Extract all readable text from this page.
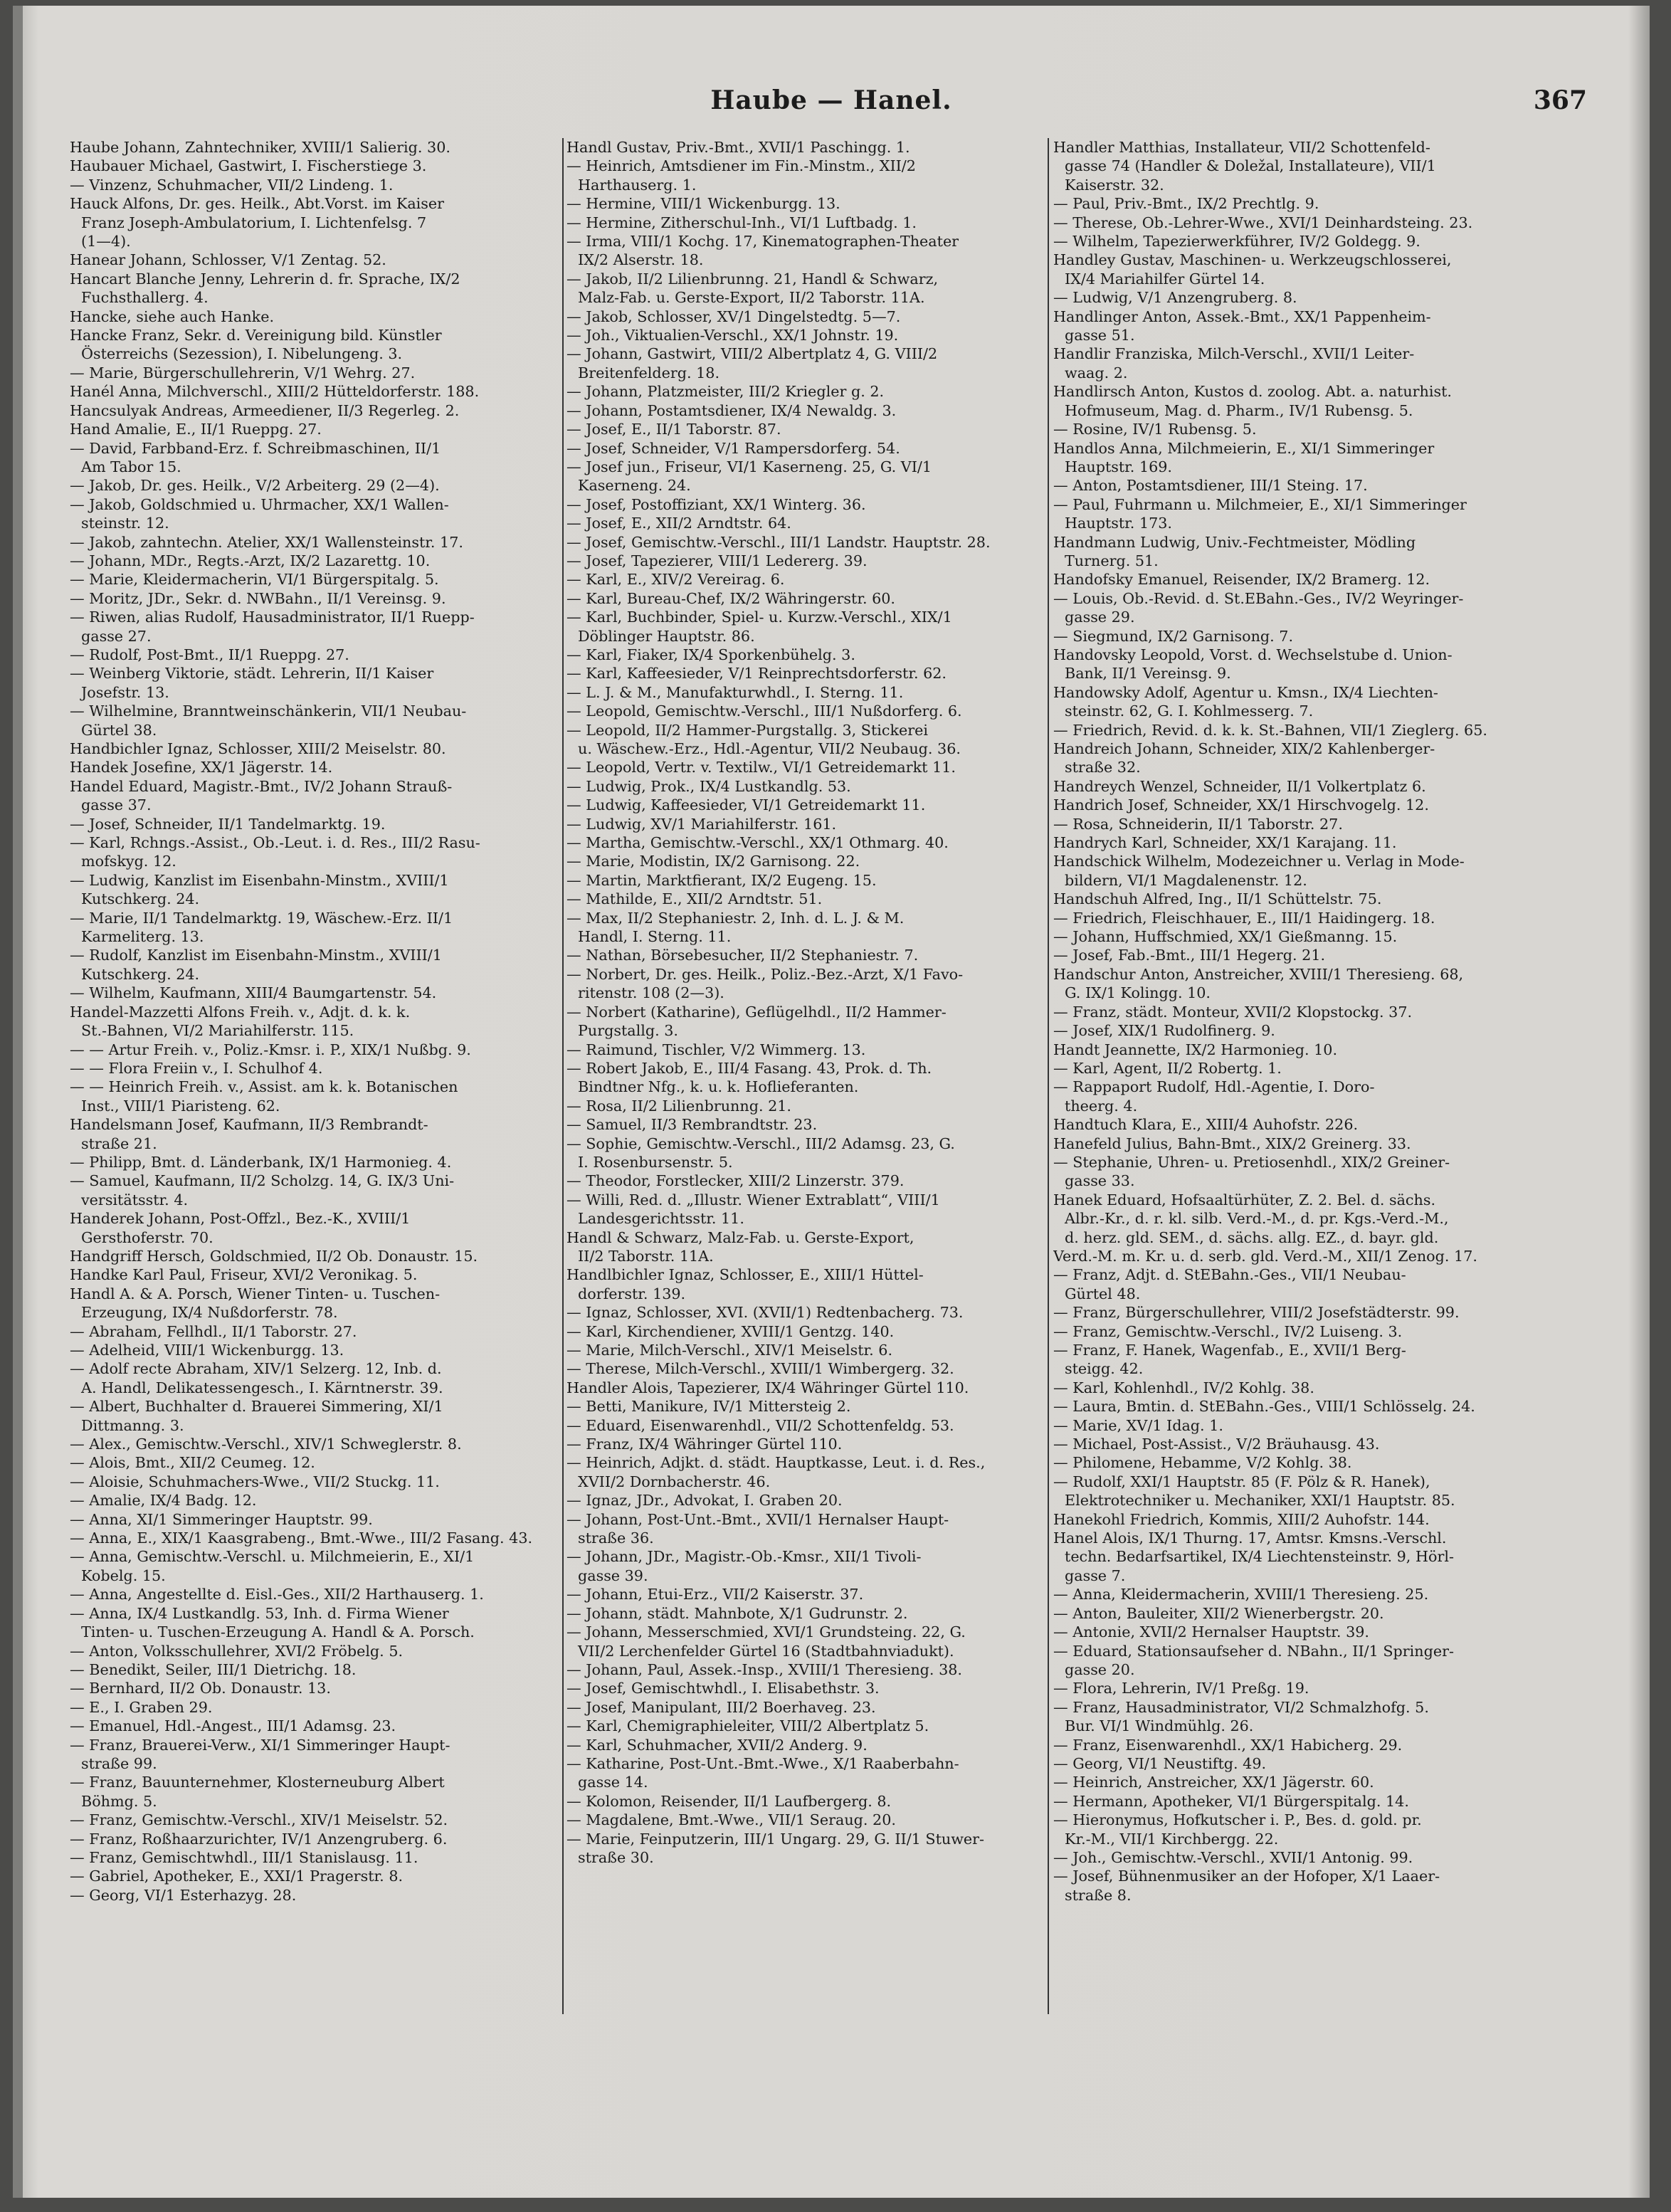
Haube — Hanel.	367

Haube Johann, Zahntechniker, XVIII/1 Salierig. 30.

Haubauer Michael, Gastwirt, I. Fischerstiege 3.

— Vinzenz, Schuhmacher, VII/2 Lindeng. 1.

Hauck Alfons, Dr. ges. Heilk., Abt.Vorst. im Kaiser

Franz Joseph-Ambulatorium, I. Lichtenfelsg. 7

(1—4).

Hanear Johann, Schlosser, V/1 Zentag. 52.

Hancart Blanche Jenny, Lehrerin d. fr. Sprache, IX/2

Fuchsthallerg. 4.

Hancke, siehe auch Hanke.

Hancke Franz, Sekr. d. Vereinigung bild. Künstler

Österreichs (Sezession), I. Nibelungeng. 3.

— Marie, Bürgerschullehrerin, V/1 Wehrg. 27.

Hanél Anna, Milchverschl., XIII/2 Hütteldorferstr. 188.

Hancsulyak Andreas, Armeediener, II/3 Regerleg. 2.

Hand Amalie, E., II/1 Rueppg. 27.

— David, Farbband-Erz. f. Schreibmaschinen, II/1

Am Tabor 15.

— Jakob, Dr. ges. Heilk., V/2 Arbeiterg. 29 (2—4).

— Jakob, Goldschmied u. Uhrmacher, XX/1 Wallen-

steinstr. 12.

— Jakob, zahntechn. Atelier, XX/1 Wallensteinstr. 17.

— Johann, MDr., Regts.-Arzt, IX/2 Lazarettg. 10.

— Marie, Kleidermacherin, VI/1 Bürgerspitalg. 5.

— Moritz, JDr., Sekr. d. NWBahn., II/1 Vereinsg. 9.

— Riwen, alias Rudolf, Hausadministrator, II/1 Ruepp-

gasse 27.

— Rudolf, Post-Bmt., II/1 Rueppg. 27.

— Weinberg Viktorie, städt. Lehrerin, II/1 Kaiser

Josefstr. 13.

— Wilhelmine, Branntweinschänkerin, VII/1 Neubau-

Gürtel 38.

Handbichler Ignaz, Schlosser, XIII/2 Meiselstr. 80.

Handek Josefine, XX/1 Jägerstr. 14.

Handel Eduard, Magistr.-Bmt., IV/2 Johann Strauß-

gasse 37.

— Josef, Schneider, II/1 Tandelmarktg. 19.

— Karl, Rchngs.-Assist., Ob.-Leut. i. d. Res., III/2 Rasu-

mofskyg. 12.

— Ludwig, Kanzlist im Eisenbahn-Minstm., XVIII/1

Kutschkerg. 24.

— Marie, II/1 Tandelmarktg. 19, Wäschew.-Erz. II/1

Karmeliterg. 13.

— Rudolf, Kanzlist im Eisenbahn-Minstm., XVIII/1

Kutschkerg. 24.

— Wilhelm, Kaufmann, XIII/4 Baumgartenstr. 54.

Handel-Mazzetti Alfons Freih. v., Adjt. d. k. k.

St.-Bahnen, VI/2 Mariahilferstr. 115.

— — Artur Freih. v., Poliz.-Kmsr. i. P., XIX/1 Nußbg. 9.

— — Flora Freiin v., I. Schulhof 4.

— — Heinrich Freih. v., Assist. am k. k. Botanischen

Inst., VIII/1 Piaristeng. 62.

Handelsmann Josef, Kaufmann, II/3 Rembrandt-

straße 21.

— Philipp, Bmt. d. Länderbank, IX/1 Harmonieg. 4.

— Samuel, Kaufmann, II/2 Scholzg. 14, G. IX/3 Uni-

versitätsstr. 4.

Handerek Johann, Post-Offzl., Bez.-K., XVIII/1

Gersthoferstr. 70.

Handgriff Hersch, Goldschmied, II/2 Ob. Donaustr. 15.

Handke Karl Paul, Friseur, XVI/2 Veronikag. 5.

Handl A. & A. Porsch, Wiener Tinten- u. Tuschen-

Erzeugung, IX/4 Nußdorferstr. 78.

— Abraham, Fellhdl., II/1 Taborstr. 27.

— Adelheid, VIII/1 Wickenburgg. 13.

— Adolf recte Abraham, XIV/1 Selzerg. 12, Inb. d.

A. Handl, Delikatessengesch., I. Kärntnerstr. 39.

— Albert, Buchhalter d. Brauerei Simmering, XI/1

Dittmanng. 3.

— Alex., Gemischtw.-Verschl., XIV/1 Schweglerstr. 8.

— Alois, Bmt., XII/2 Ceumeg. 12.

— Aloisie, Schuhmachers-Wwe., VII/2 Stuckg. 11.

— Amalie, IX/4 Badg. 12.

— Anna, XI/1 Simmeringer Hauptstr. 99.

— Anna, E., XIX/1 Kaasgrabeng., Bmt.-Wwe., III/2 Fasang. 43.

— Anna, Gemischtw.-Verschl. u. Milchmeierin, E., XI/1

Kobelg. 15.

— Anna, Angestellte d. Eisl.-Ges., XII/2 Harthauserg. 1.

— Anna, IX/4 Lustkandlg. 53, Inh. d. Firma Wiener

Tinten- u. Tuschen-Erzeugung A. Handl & A. Porsch.

— Anton, Volksschullehrer, XVI/2 Fröbelg. 5.

— Benedikt, Seiler, III/1 Dietrichg. 18.

— Bernhard, II/2 Ob. Donaustr. 13.

— E., I. Graben 29.

— Emanuel, Hdl.-Angest., III/1 Adamsg. 23.

— Franz, Brauerei-Verw., XI/1 Simmeringer Haupt-

straße 99.

— Franz, Bauunternehmer, Klosterneuburg Albert

Böhmg. 5.

— Franz, Gemischtw.-Verschl., XIV/1 Meiselstr. 52.

— Franz, Roßhaarzurichter, IV/1 Anzengruberg. 6.

— Franz, Gemischtwhdl., III/1 Stanislausg. 11.

— Gabriel, Apotheker, E., XXI/1 Pragerstr. 8.

— Georg, VI/1 Esterhazyg. 28.

Handl Gustav, Priv.-Bmt., XVII/1 Paschingg. 1.

— Heinrich, Amtsdiener im Fin.-Minstm., XII/2

Harthauserg. 1.

— Hermine, VIII/1 Wickenburgg. 13.

— Hermine, Zitherschul-Inh., VI/1 Luftbadg. 1.

— Irma, VIII/1 Kochg. 17, Kinematographen-Theater

IX/2 Alserstr. 18.

— Jakob, II/2 Lilienbrunng. 21, Handl & Schwarz,

Malz-Fab. u. Gerste-Export, II/2 Taborstr. 11A.

— Jakob, Schlosser, XV/1 Dingelstedtg. 5—7.

— Joh., Viktualien-Verschl., XX/1 Johnstr. 19.

— Johann, Gastwirt, VIII/2 Albertplatz 4, G. VIII/2

Breitenfelderg. 18.

— Johann, Platzmeister, III/2 Kriegler g. 2.

— Johann, Postamtsdiener, IX/4 Newaldg. 3.

— Josef, E., II/1 Taborstr. 87.

— Josef, Schneider, V/1 Rampersdorferg. 54.

— Josef jun., Friseur, VI/1 Kaserneng. 25, G. VI/1

Kaserneng. 24.

— Josef, Postoffiziant, XX/1 Winterg. 36.

— Josef, E., XII/2 Arndtstr. 64.

— Josef, Gemischtw.-Verschl., III/1 Landstr. Hauptstr. 28.

— Josef, Tapezierer, VIII/1 Ledererg. 39.

— Karl, E., XIV/2 Vereirag. 6.

— Karl, Bureau-Chef, IX/2 Währingerstr. 60.

— Karl, Buchbinder, Spiel- u. Kurzw.-Verschl., XIX/1

Döblinger Hauptstr. 86.

— Karl, Fiaker, IX/4 Sporkenbühelg. 3.

— Karl, Kaffeesieder, V/1 Reinprechtsdorferstr. 62.

— L. J. & M., Manufakturwhdl., I. Sterng. 11.

— Leopold, Gemischtw.-Verschl., III/1 Nußdorferg. 6.

— Leopold, II/2 Hammer-Purgstallg. 3, Stickerei

u. Wäschew.-Erz., Hdl.-Agentur, VII/2 Neubaug. 36.

— Leopold, Vertr. v. Textilw., VI/1 Getreidemarkt 11.

— Ludwig, Prok., IX/4 Lustkandlg. 53.

— Ludwig, Kaffeesieder, VI/1 Getreidemarkt 11.

— Ludwig, XV/1 Mariahilferstr. 161.

— Martha, Gemischtw.-Verschl., XX/1 Othmarg. 40.

— Marie, Modistin, IX/2 Garnisong. 22.

— Martin, Marktfierant, IX/2 Eugeng. 15.

— Mathilde, E., XII/2 Arndtstr. 51.

— Max, II/2 Stephaniestr. 2, Inh. d. L. J. & M.

Handl, I. Sterng. 11.

— Nathan, Börsebesucher, II/2 Stephaniestr. 7.

— Norbert, Dr. ges. Heilk., Poliz.-Bez.-Arzt, X/1 Favo-

ritenstr. 108 (2—3).

— Norbert (Katharine), Geflügelhdl., II/2 Hammer-

Purgstallg. 3.

— Raimund, Tischler, V/2 Wimmerg. 13.

— Robert Jakob, E., III/4 Fasang. 43, Prok. d. Th.

Bindtner Nfg., k. u. k. Hoflieferanten.

— Rosa, II/2 Lilienbrunng. 21.

— Samuel, II/3 Rembrandtstr. 23.

— Sophie, Gemischtw.-Verschl., III/2 Adamsg. 23, G.

I. Rosenbursenstr. 5.

— Theodor, Forstlecker, XIII/2 Linzerstr. 379.

— Willi, Red. d. „Illustr. Wiener Extrablatt“, VIII/1

Landesgerichtsstr. 11.

Handl & Schwarz, Malz-Fab. u. Gerste-Export,

II/2 Taborstr. 11A.

Handlbichler Ignaz, Schlosser, E., XIII/1 Hüttel-

dorferstr. 139.

— Ignaz, Schlosser, XVI. (XVII/1) Redtenbacherg. 73.

— Karl, Kirchendiener, XVIII/1 Gentzg. 140.

— Marie, Milch-Verschl., XIV/1 Meiselstr. 6.

— Therese, Milch-Verschl., XVIII/1 Wimbergerg. 32.

Handler Alois, Tapezierer, IX/4 Währinger Gürtel 110.

— Betti, Manikure, IV/1 Mittersteig 2.

— Eduard, Eisenwarenhdl., VII/2 Schottenfeldg. 53.

— Franz, IX/4 Währinger Gürtel 110.

— Heinrich, Adjkt. d. städt. Hauptkasse, Leut. i. d. Res.,

XVII/2 Dornbacherstr. 46.

— Ignaz, JDr., Advokat, I. Graben 20.

— Johann, Post-Unt.-Bmt., XVII/1 Hernalser Haupt-

straße 36.

— Johann, JDr., Magistr.-Ob.-Kmsr., XII/1 Tivoli-

gasse 39.

— Johann, Etui-Erz., VII/2 Kaiserstr. 37.

— Johann, städt. Mahnbote, X/1 Gudrunstr. 2.

— Johann, Messerschmied, XVI/1 Grundsteing. 22, G.

VII/2 Lerchenfelder Gürtel 16 (Stadtbahnviadukt).

— Johann, Paul, Assek.-Insp., XVIII/1 Theresieng. 38.

— Josef, Gemischtwhdl., I. Elisabethstr. 3.

— Josef, Manipulant, III/2 Boerhaveg. 23.

— Karl, Chemigraphieleiter, VIII/2 Albertplatz 5.

— Karl, Schuhmacher, XVII/2 Anderg. 9.

— Katharine, Post-Unt.-Bmt.-Wwe., X/1 Raaberbahn-

gasse 14.

— Kolomon, Reisender, II/1 Laufbergerg. 8.

— Magdalene, Bmt.-Wwe., VII/1 Seraug. 20.

— Marie, Feinputzerin, III/1 Ungarg. 29, G. II/1 Stuwer-

straße 30.

Handler Matthias, Installateur, VII/2 Schottenfeld-

gasse 74 (Handler & Doležal, Installateure), VII/1

Kaiserstr. 32.

— Paul, Priv.-Bmt., IX/2 Prechtlg. 9.

— Therese, Ob.-Lehrer-Wwe., XVI/1 Deinhardsteing. 23.

— Wilhelm, Tapezierwerkführer, IV/2 Goldegg. 9.

Handley Gustav, Maschinen- u. Werkzeugschlosserei,

IX/4 Mariahilfer Gürtel 14.

— Ludwig, V/1 Anzengruberg. 8.

Handlinger Anton, Assek.-Bmt., XX/1 Pappenheim-

gasse 51.

Handlir Franziska, Milch-Verschl., XVII/1 Leiter-

waag. 2.

Handlirsch Anton, Kustos d. zoolog. Abt. a. naturhist.

Hofmuseum, Mag. d. Pharm., IV/1 Rubensg. 5.

— Rosine, IV/1 Rubensg. 5.

Handlos Anna, Milchmeierin, E., XI/1 Simmeringer

Hauptstr. 169.

— Anton, Postamtsdiener, III/1 Steing. 17.

— Paul, Fuhrmann u. Milchmeier, E., XI/1 Simmeringer

Hauptstr. 173.

Handmann Ludwig, Univ.-Fechtmeister, Mödling

Turnerg. 51.

Handofsky Emanuel, Reisender, IX/2 Bramerg. 12.

— Louis, Ob.-Revid. d. St.EBahn.-Ges., IV/2 Weyringer-

gasse 29.

— Siegmund, IX/2 Garnisong. 7.

Handovsky Leopold, Vorst. d. Wechselstube d. Union-

Bank, II/1 Vereinsg. 9.

Handowsky Adolf, Agentur u. Kmsn., IX/4 Liechten-

steinstr. 62, G. I. Kohlmesserg. 7.

— Friedrich, Revid. d. k. k. St.-Bahnen, VII/1 Zieglerg. 65.

Handreich Johann, Schneider, XIX/2 Kahlenberger-

straße 32.

Handreych Wenzel, Schneider, II/1 Volkertplatz 6.

Handrich Josef, Schneider, XX/1 Hirschvogelg. 12.

— Rosa, Schneiderin, II/1 Taborstr. 27.

Handrych Karl, Schneider, XX/1 Karajang. 11.

Handschick Wilhelm, Modezeichner u. Verlag in Mode-

bildern, VI/1 Magdalenenstr. 12.

Handschuh Alfred, Ing., II/1 Schüttelstr. 75.

— Friedrich, Fleischhauer, E., III/1 Haidingerg. 18.

— Johann, Huffschmied, XX/1 Gießmanng. 15.

— Josef, Fab.-Bmt., III/1 Hegerg. 21.

Handschur Anton, Anstreicher, XVIII/1 Theresieng. 68,

G. IX/1 Kolingg. 10.

— Franz, städt. Monteur, XVII/2 Klopstockg. 37.

— Josef, XIX/1 Rudolfinerg. 9.

Handt Jeannette, IX/2 Harmonieg. 10.

— Karl, Agent, II/2 Robertg. 1.

— Rappaport Rudolf, Hdl.-Agentie, I. Doro-

theerg. 4.

Handtuch Klara, E., XIII/4 Auhofstr. 226.

Hanefeld Julius, Bahn-Bmt., XIX/2 Greinerg. 33.

— Stephanie, Uhren- u. Pretiosenhdl., XIX/2 Greiner-

gasse 33.

Hanek Eduard, Hofsaaltürhüter, Z. 2. Bel. d. sächs.

Albr.-Kr., d. r. kl. silb. Verd.-M., d. pr. Kgs.-Verd.-M.,

d. herz. gld. SEM., d. sächs. allg. EZ., d. bayr. gld.

Verd.-M. m. Kr. u. d. serb. gld. Verd.-M., XII/1 Zenog. 17.

— Franz, Adjt. d. StEBahn.-Ges., VII/1 Neubau-

Gürtel 48.

— Franz, Bürgerschullehrer, VIII/2 Josefstädterstr. 99.

— Franz, Gemischtw.-Verschl., IV/2 Luiseng. 3.

— Franz, F. Hanek, Wagenfab., E., XVII/1 Berg-

steigg. 42.

— Karl, Kohlenhdl., IV/2 Kohlg. 38.

— Laura, Bmtin. d. StEBahn.-Ges., VIII/1 Schlösselg. 24.

— Marie, XV/1 Idag. 1.

— Michael, Post-Assist., V/2 Bräuhausg. 43.

— Philomene, Hebamme, V/2 Kohlg. 38.

— Rudolf, XXI/1 Hauptstr. 85 (F. Pölz & R. Hanek),

Elektrotechniker u. Mechaniker, XXI/1 Hauptstr. 85.

Hanekohl Friedrich, Kommis, XIII/2 Auhofstr. 144.

Hanel Alois, IX/1 Thurng. 17, Amtsr. Kmsns.-Verschl.

techn. Bedarfsartikel, IX/4 Liechtensteinstr. 9, Hörl-

gasse 7.

— Anna, Kleidermacherin, XVIII/1 Theresieng. 25.

— Anton, Bauleiter, XII/2 Wienerbergstr. 20.

— Antonie, XVII/2 Hernalser Hauptstr. 39.

— Eduard, Stationsaufseher d. NBahn., II/1 Springer-

gasse 20.

— Flora, Lehrerin, IV/1 Preßg. 19.

— Franz, Hausadministrator, VI/2 Schmalzhofg. 5.

Bur. VI/1 Windmühlg. 26.

— Franz, Eisenwarenhdl., XX/1 Habicherg. 29.

— Georg, VI/1 Neustiftg. 49.

— Heinrich, Anstreicher, XX/1 Jägerstr. 60.

— Hermann, Apotheker, VI/1 Bürgerspitalg. 14.

— Hieronymus, Hofkutscher i. P., Bes. d. gold. pr.

Kr.-M., VII/1 Kirchbergg. 22.

— Joh., Gemischtw.-Verschl., XVII/1 Antonig. 99.

— Josef, Bühnenmusiker an der Hofoper, X/1 Laaer-

straße 8.
